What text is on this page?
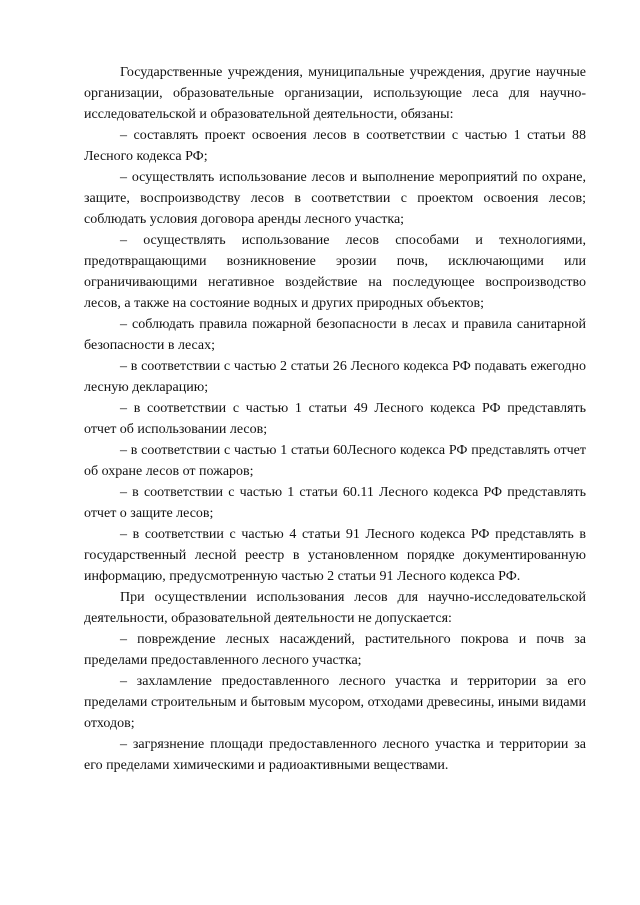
Государственные учреждения, муниципальные учреждения, другие научные организации, образовательные организации, использующие леса для научно-исследовательской и образовательной деятельности, обязаны:

– составлять проект освоения лесов в соответствии с частью 1 статьи 88 Лесного кодекса РФ;

– осуществлять использование лесов и выполнение мероприятий по охране, защите, воспроизводству лесов в соответствии с проектом освоения лесов; соблюдать условия договора аренды лесного участка;

– осуществлять использование лесов способами и технологиями, предотвращающими возникновение эрозии почв, исключающими или ограничивающими негативное воздействие на последующее воспроизводство лесов, а также на состояние водных и других природных объектов;

– соблюдать правила пожарной безопасности в лесах и правила санитарной безопасности в лесах;

– в соответствии с частью 2 статьи 26 Лесного кодекса РФ подавать ежегодно лесную декларацию;

– в соответствии с частью 1 статьи 49 Лесного кодекса РФ представлять отчет об использовании лесов;

– в соответствии с частью 1 статьи 60Лесного кодекса РФ представлять отчет об охране лесов от пожаров;

– в соответствии с частью 1 статьи 60.11 Лесного кодекса РФ представлять отчет о защите лесов;

– в соответствии с частью 4 статьи 91 Лесного кодекса РФ представлять в государственный лесной реестр в установленном порядке документированную информацию, предусмотренную частью 2 статьи 91 Лесного кодекса РФ.

При осуществлении использования лесов для научно-исследовательской деятельности, образовательной деятельности не допускается:

– повреждение лесных насаждений, растительного покрова и почв за пределами предоставленного лесного участка;

– захламление предоставленного лесного участка и территории за его пределами строительным и бытовым мусором, отходами древесины, иными видами отходов;

– загрязнение площади предоставленного лесного участка и территории за его пределами химическими и радиоактивными веществами.
